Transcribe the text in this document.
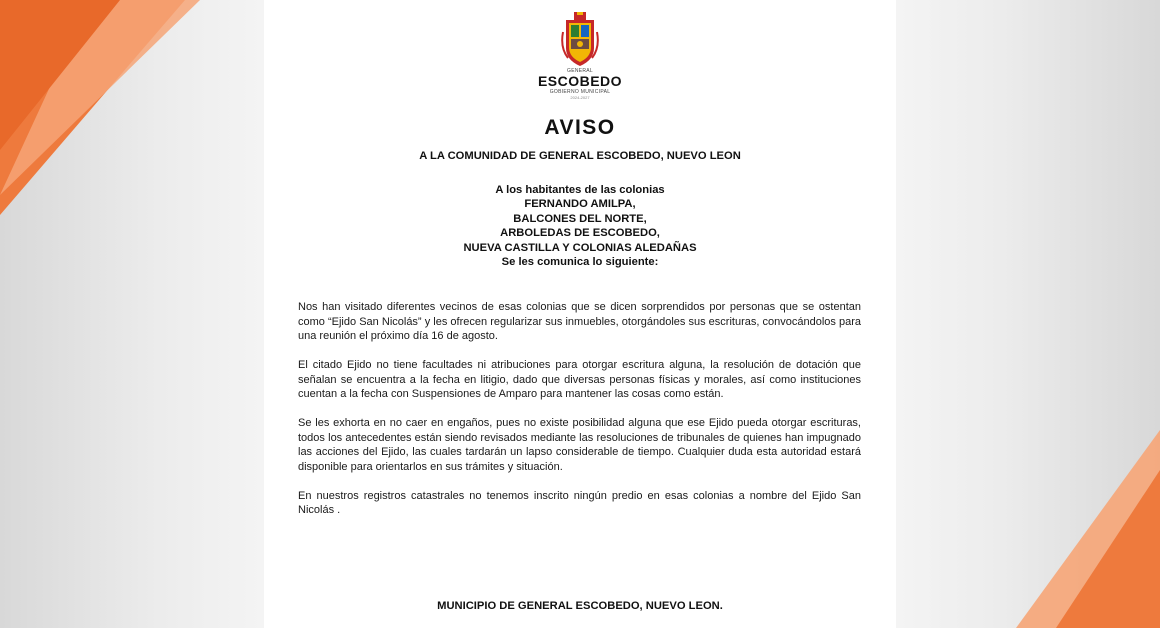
GENERAL
ESCOBEDO
GOBIERNO MUNICIPAL
2024-2027
AVISO
A LA COMUNIDAD DE GENERAL ESCOBEDO, NUEVO LEON
A los habitantes de las colonias
FERNANDO AMILPA,
BALCONES DEL NORTE,
ARBOLEDAS DE ESCOBEDO,
NUEVA CASTILLA Y COLONIAS ALEDAÑAS
Se les comunica lo siguiente:

Nos han visitado diferentes vecinos de esas colonias que se dicen sorprendidos por personas que se ostentan como “Ejido San Nicolás” y les ofrecen regularizar sus inmuebles, otorgándoles sus escrituras, convocándolos para una reunión el próximo día 16 de agosto.

El citado Ejido no tiene facultades ni atribuciones para otorgar escritura alguna, la resolución de dotación que señalan se encuentra a la fecha en litigio, dado que diversas personas físicas y morales, así como instituciones cuentan a la fecha con Suspensiones de Amparo para mantener las cosas como están.

Se les exhorta en no caer en engaños, pues no existe posibilidad alguna que ese Ejido pueda otorgar escrituras, todos los antecedentes están siendo revisados mediante las resoluciones de tribunales de quienes han impugnado las acciones del Ejido, las cuales tardarán un lapso considerable de tiempo. Cualquier duda esta autoridad estará disponible para orientarlos en sus trámites y situación.

En nuestros registros catastrales no tenemos inscrito ningún predio en esas colonias a nombre del Ejido San Nicolás .

MUNICIPIO DE GENERAL ESCOBEDO, NUEVO LEON.
